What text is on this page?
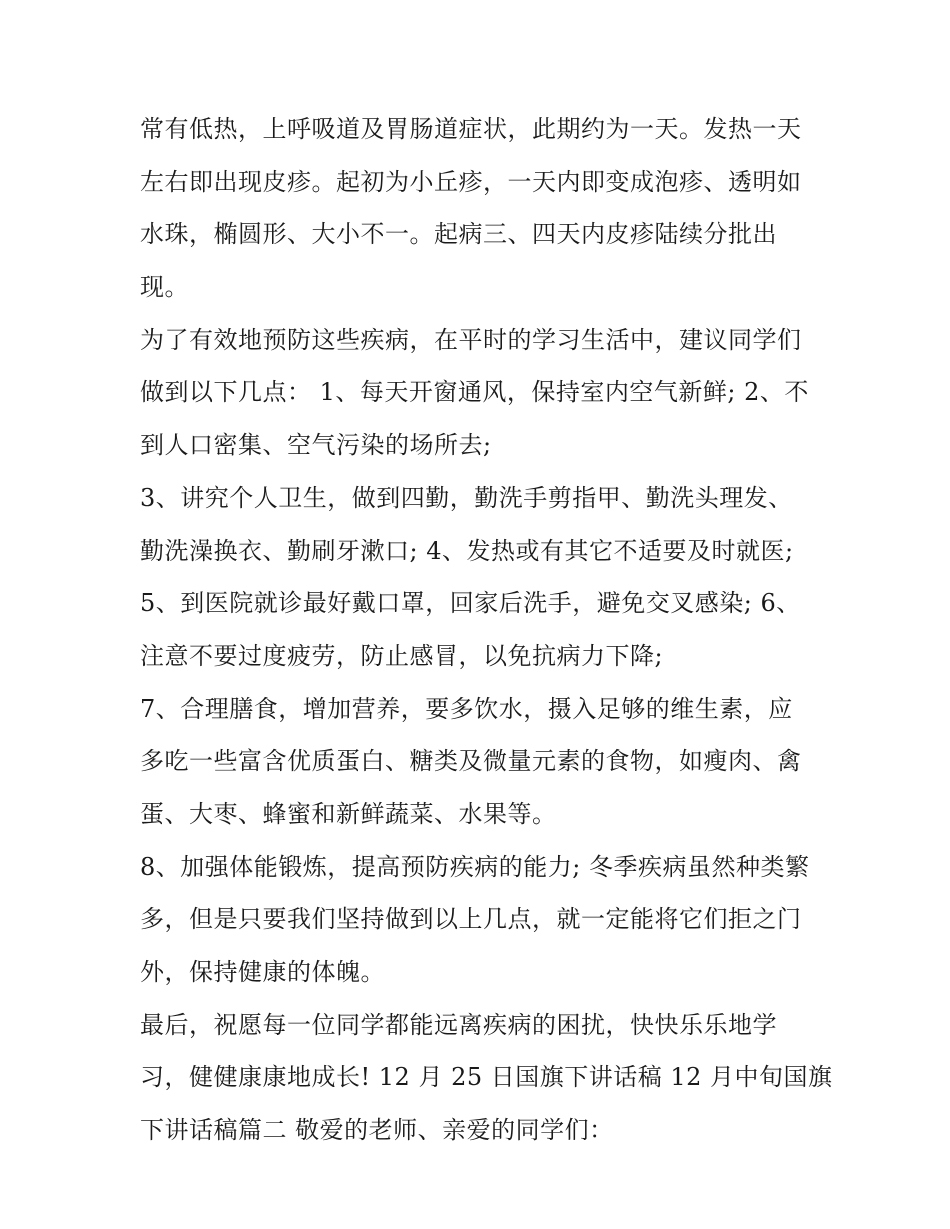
常有低热，上呼吸道及胃肠道症状，此期约为一天。发热一天
左右即出现皮疹。起初为小丘疹，一天内即变成泡疹、透明如
水珠，椭圆形、大小不一。起病三、四天内皮疹陆续分批出
现。
为了有效地预防这些疾病，在平时的学习生活中，建议同学们
做到以下几点： 1、每天开窗通风，保持室内空气新鲜; 2、不
到人口密集、空气污染的场所去;
3、讲究个人卫生，做到四勤，勤洗手剪指甲、勤洗头理发、
勤洗澡换衣、勤刷牙漱口; 4、发热或有其它不适要及时就医;
5、到医院就诊最好戴口罩，回家后洗手，避免交叉感染; 6、
注意不要过度疲劳，防止感冒，以免抗病力下降;
7、合理膳食，增加营养，要多饮水，摄入足够的维生素，应
多吃一些富含优质蛋白、糖类及微量元素的食物，如瘦肉、禽
蛋、大枣、蜂蜜和新鲜蔬菜、水果等。
8、加强体能锻炼，提高预防疾病的能力; 冬季疾病虽然种类繁
多，但是只要我们坚持做到以上几点，就一定能将它们拒之门
外，保持健康的体魄。
最后，祝愿每一位同学都能远离疾病的困扰，快快乐乐地学
习，健健康康地成长! 12 月 25 日国旗下讲话稿 12 月中旬国旗
下讲话稿篇二 敬爱的老师、亲爱的同学们：
